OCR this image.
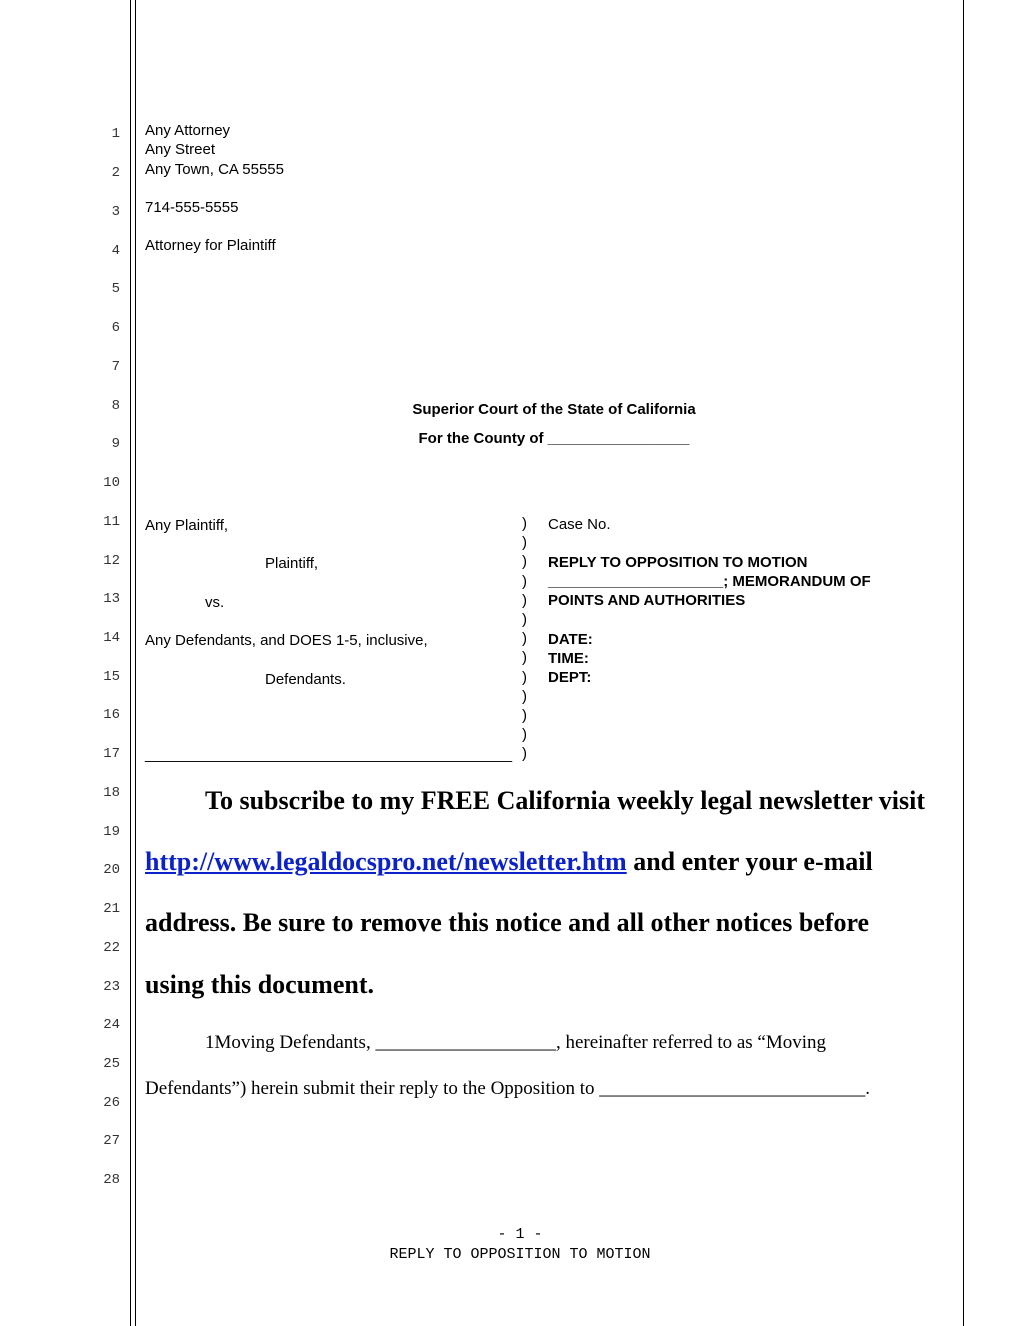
1
2
3
4
5
6
7
8
9
10
11
12
13
14
15
16
17
18
19
20
21
22
23
24
25
26
27
28
Any Attorney
Any Street
Any Town, CA 55555
714-555-5555
Attorney for Plaintiff
Superior Court of the State of California
For the County of _________________
Any Plaintiff,
Plaintiff,
vs.
Any Defendants, and DOES 1-5, inclusive,
Defendants.
____________________________________________
)
)
)
)
)
)
)
)
)
)
)
)
)
Case No.
REPLY TO OPPOSITION TO MOTION
_____________________; MEMORANDUM OF
POINTS AND AUTHORITIES
DATE:
TIME:
DEPT:
To subscribe to my FREE California weekly legal newsletter visit
http://www.legaldocspro.net/newsletter.htm and enter your e-mail
address. Be sure to remove this notice and all other notices before
using this document.
1Moving Defendants, ___________________, hereinafter referred to as “Moving
Defendants”) herein submit their reply to the Opposition to ____________________________.
- 1 -
REPLY TO OPPOSITION TO MOTION
